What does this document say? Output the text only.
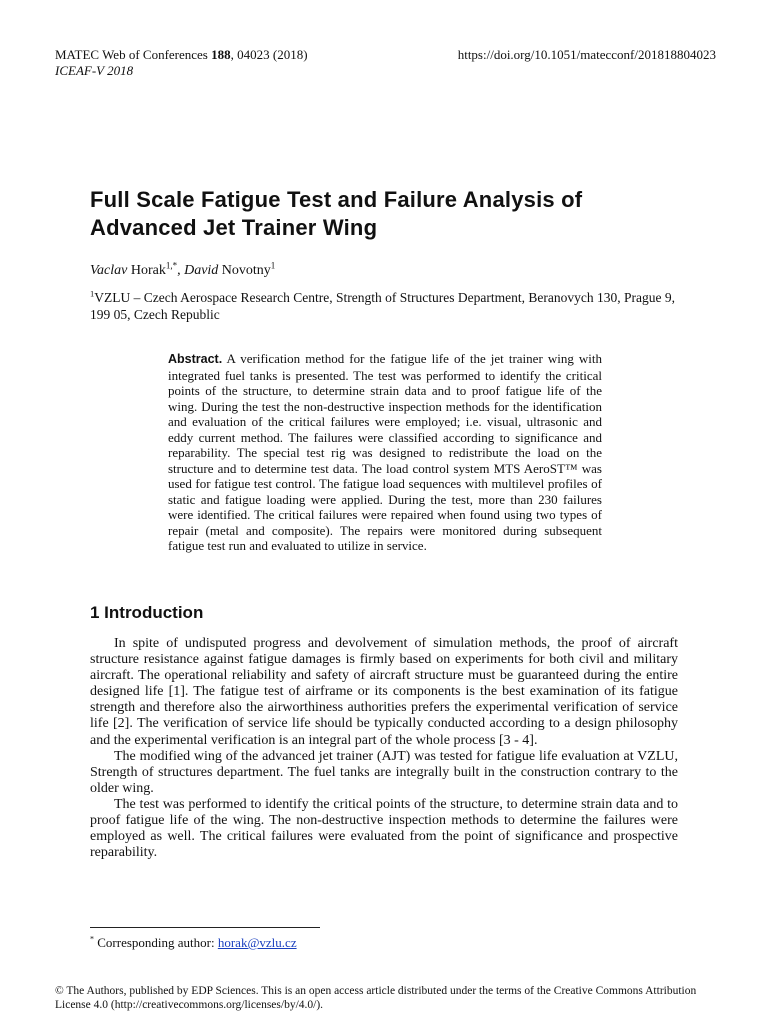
MATEC Web of Conferences 188, 04023 (2018)
ICEAF-V 2018
https://doi.org/10.1051/matecconf/201818804023
Full Scale Fatigue Test and Failure Analysis of Advanced Jet Trainer Wing
Vaclav Horak$^{1,*}$, David Novotny$^1$
$^1$VZLU – Czech Aerospace Research Centre, Strength of Structures Department, Beranovych 130, Prague 9, 199 05, Czech Republic
Abstract. A verification method for the fatigue life of the jet trainer wing with integrated fuel tanks is presented. The test was performed to identify the critical points of the structure, to determine strain data and to proof fatigue life of the wing. During the test the non-destructive inspection methods for the identification and evaluation of the critical failures were employed; i.e. visual, ultrasonic and eddy current method. The failures were classified according to significance and reparability. The special test rig was designed to redistribute the load on the structure and to determine test data. The load control system MTS AeroST™ was used for fatigue test control. The fatigue load sequences with multilevel profiles of static and fatigue loading were applied. During the test, more than 230 failures were identified. The critical failures were repaired when found using two types of repair (metal and composite). The repairs were monitored during subsequent fatigue test run and evaluated to utilize in service.
1 Introduction

In spite of undisputed progress and devolvement of simulation methods, the proof of aircraft structure resistance against fatigue damages is firmly based on experiments for both civil and military aircraft. The operational reliability and safety of aircraft structure must be guaranteed during the entire designed life [1]. The fatigue test of airframe or its components is the best examination of its fatigue strength and therefore also the airworthiness authorities prefers the experimental verification of service life [2]. The verification of service life should be typically conducted according to a design philosophy and the experimental verification is an integral part of the whole process [3 - 4].

The modified wing of the advanced jet trainer (AJT) was tested for fatigue life evaluation at VZLU, Strength of structures department. The fuel tanks are integrally built in the construction contrary to the older wing.

The test was performed to identify the critical points of the structure, to determine strain data and to proof fatigue life of the wing. The non-destructive inspection methods to determine the failures were employed as well. The critical failures were evaluated from the point of significance and prospective reparability.

* Corresponding author: horak@vzlu.cz
© The Authors, published by EDP Sciences. This is an open access article distributed under the terms of the Creative Commons Attribution License 4.0 (http://creativecommons.org/licenses/by/4.0/).
